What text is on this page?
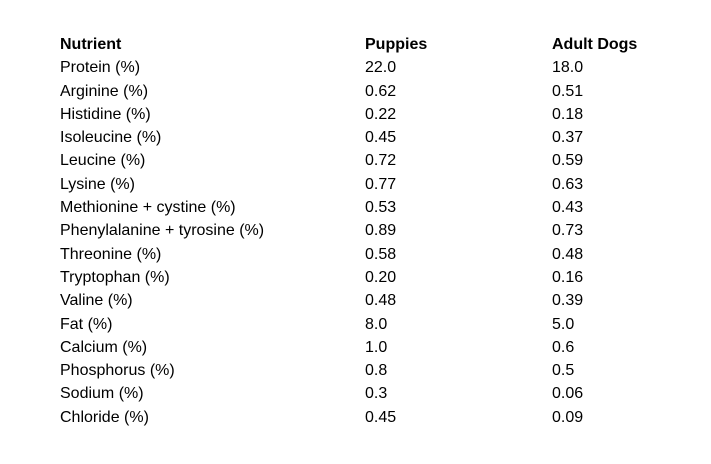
Nutrient	Puppies	Adult Dogs
Protein (%)	22.0	18.0
Arginine (%)	0.62	0.51
Histidine (%)	0.22	0.18
Isoleucine (%)	0.45	0.37
Leucine (%)	0.72	0.59
Lysine (%)	0.77	0.63
Methionine + cystine (%)	0.53	0.43
Phenylalanine + tyrosine (%)	0.89	0.73
Threonine (%)	0.58	0.48
Tryptophan (%)	0.20	0.16
Valine (%)	0.48	0.39
Fat (%)	8.0	5.0
Calcium (%)	1.0	0.6
Phosphorus (%)	0.8	0.5
Sodium (%)	0.3	0.06
Chloride (%)	0.45	0.09
